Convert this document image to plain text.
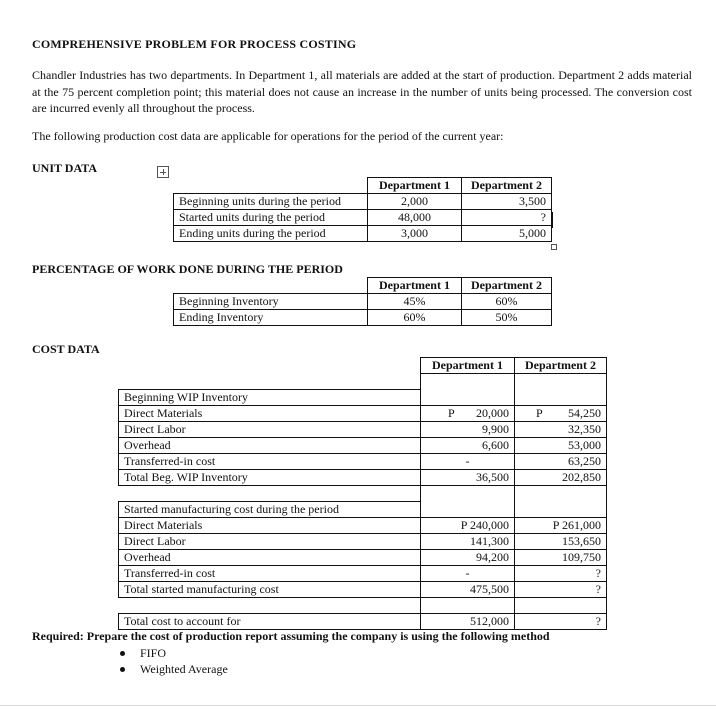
COMPREHENSIVE PROBLEM FOR PROCESS COSTING
Chandler Industries has two departments. In Department 1, all materials are added at the start of production. Department 2 adds material at the 75 percent completion point; this material does not cause an increase in the number of units being processed. The conversion cost are incurred evenly all throughout the process.
The following production cost data are applicable for operations for the period of the current year:
UNIT DATA
	Department 1	Department 2
Beginning units during the period	2,000	3,500
Started units during the period	48,000	?
Ending units during the period	3,000	5,000
PERCENTAGE OF WORK DONE DURING THE PERIOD
	Department 1	Department 2
Beginning Inventory	45%	60%
Ending Inventory	60%	50%
COST DATA
	Department 1	Department 2

Beginning WIP Inventory		
Direct Materials	P 20,000	P 54,250
Direct Labor	9,900	32,350
Overhead	6,600	53,000
Transferred-in cost	-	63,250
Total Beg. WIP Inventory	36,500	202,850

Started manufacturing cost during the period		
Direct Materials	P 240,000	P 261,000
Direct Labor	141,300	153,650
Overhead	94,200	109,750
Transferred-in cost	-	?
Total started manufacturing cost	475,500	?

Total cost to account for	512,000	?
Required: Prepare the cost of production report assuming the company is using the following method
FIFO
Weighted Average
